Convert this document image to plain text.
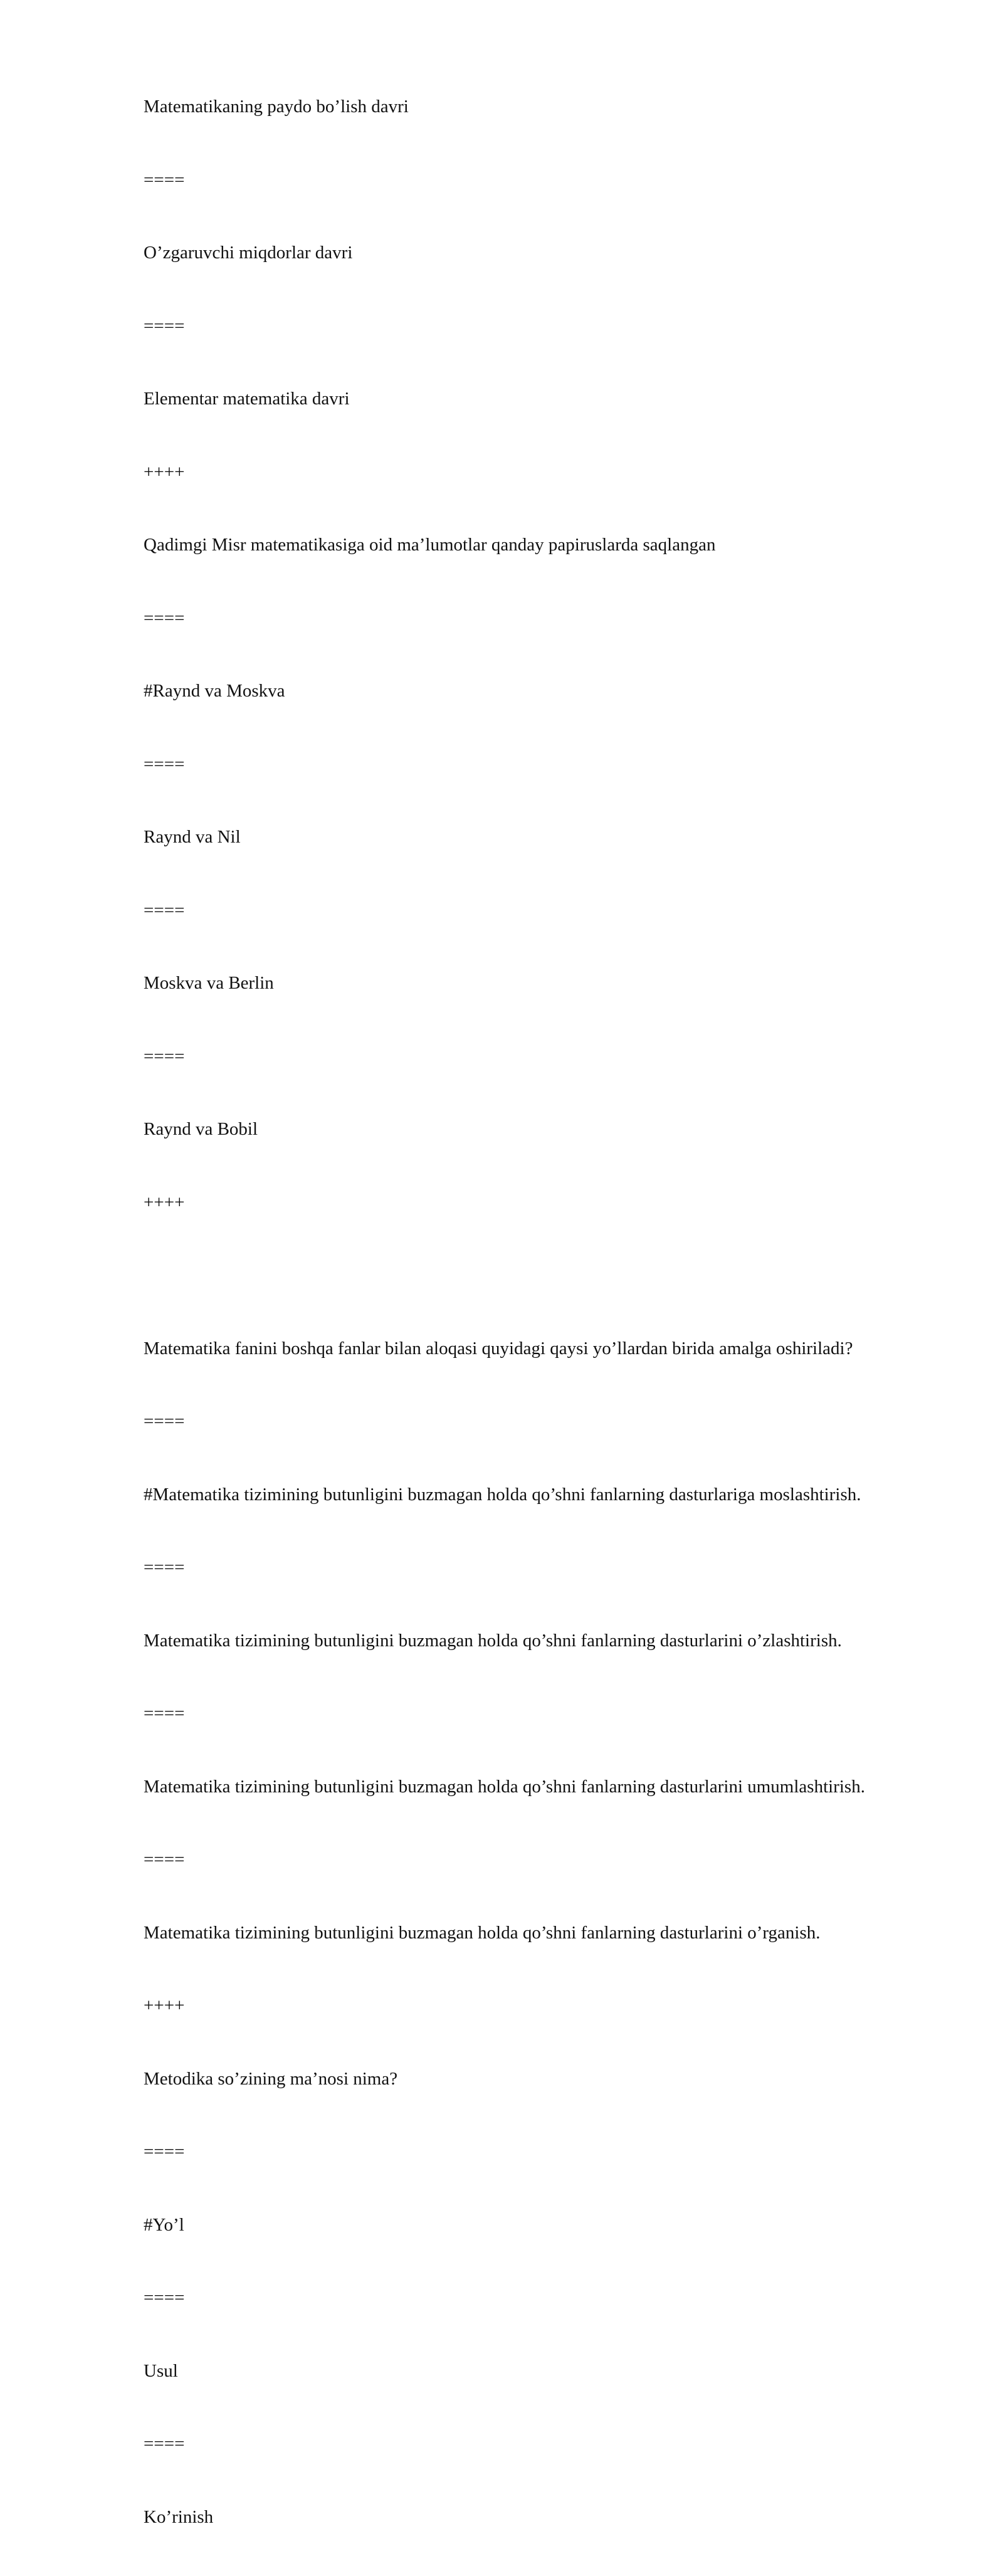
Matematikaning paydo bo’lish davri
====
O’zgaruvchi miqdorlar davri
====
Elementar matematika davri
++++
Qadimgi Misr matematikasiga oid ma’lumotlar qanday papiruslarda saqlangan
====
#Raynd va Moskva
====
Raynd va Nil
====
Moskva va Berlin
====
Raynd va Bobil
++++
Matematika fanini boshqa fanlar bilan aloqasi quyidagi qaysi yo’llardan birida amalga oshiriladi?
====
#Matematika tizimining butunligini buzmagan holda qo’shni fanlarning dasturlariga moslashtirish.
====
Matematika tizimining butunligini buzmagan holda qo’shni fanlarning dasturlarini o’zlashtirish.
====
Matematika tizimining butunligini buzmagan holda qo’shni fanlarning dasturlarini umumlashtirish.
====
Matematika tizimining butunligini buzmagan holda qo’shni fanlarning dasturlarini o’rganish.
++++
Metodika so’zining ma’nosi nima?
====
#Yo’l
====
Usul
====
Ko’rinish
